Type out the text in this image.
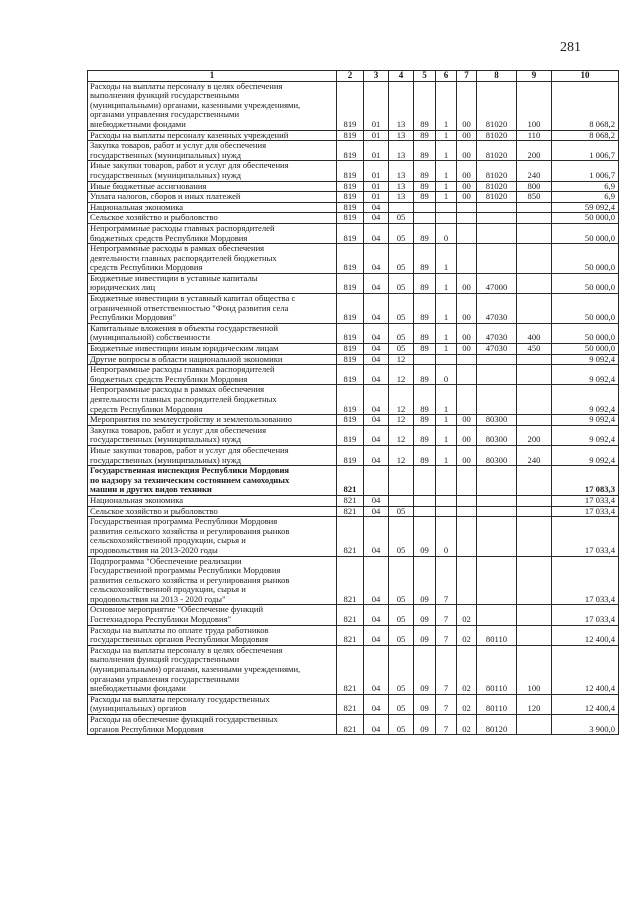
281
1	2	3	4	5	6	7	8	9	10

Расходы на выплаты персоналу в целях обеспечения
выполнения функций государственными
(муниципальными) органами, казенными учреждениями,
органами управления государственными
внебюджетными фондами	819	01	13	89	1	00	81020	100	8 068,2

Расходы на выплаты персоналу казенных учреждений	819	01	13	89	1	00	81020	110	8 068,2

Закупка товаров, работ и услуг для обеспечения
государственных (муниципальных) нужд	819	01	13	89	1	00	81020	200	1 006,7

Иные закупки товаров, работ и услуг для обеспечения
государственных (муниципальных) нужд	819	01	13	89	1	00	81020	240	1 006,7

Иные бюджетные ассигнования	819	01	13	89	1	00	81020	800	6,9

Уплата налогов, сборов и иных платежей	819	01	13	89	1	00	81020	850	6,9

Национальная экономика	819	04							59 092,4

Сельское хозяйство и рыболовство	819	04	05						50 000,0

Непрограммные расходы главных распорядителей
бюджетных средств Республики Мордовия	819	04	05	89	0				50 000,0

Непрограммные расходы в рамках обеспечения
деятельности главных распорядителей бюджетных
средств Республики Мордовия	819	04	05	89	1				50 000,0

Бюджетные инвестиции в уставные капиталы
юридических лиц	819	04	05	89	1	00	47000		50 000,0

Бюджетные инвестиции в уставный капитал общества с
ограниченной ответственностью "Фонд развития села
Республики Мордовия"	819	04	05	89	1	00	47030		50 000,0

Капитальные вложения в объекты государственной
(муниципальной) собственности	819	04	05	89	1	00	47030	400	50 000,0

Бюджетные инвестиции иным юридическим лицам	819	04	05	89	1	00	47030	450	50 000,0

Другие вопросы в области национальной экономики	819	04	12						9 092,4

Непрограммные расходы главных распорядителей
бюджетных средств Республики Мордовия	819	04	12	89	0				9 092,4

Непрограммные расходы в рамках обеспечения
деятельности главных распорядителей бюджетных
средств Республики Мордовия	819	04	12	89	1				9 092,4

Мероприятия по землеустройству и землепользованию	819	04	12	89	1	00	80300		9 092,4

Закупка товаров, работ и услуг для обеспечения
государственных (муниципальных) нужд	819	04	12	89	1	00	80300	200	9 092,4

Иные закупки товаров, работ и услуг для обеспечения
государственных (муниципальных) нужд	819	04	12	89	1	00	80300	240	9 092,4

Государственная инспекция Республики Мордовия
по надзору за техническим состоянием самоходных
машин и других видов техники	821								17 083,3

Национальная экономика	821	04							17 033,4

Сельское хозяйство и рыболовство	821	04	05						17 033,4

Государственная программа Республики Мордовия
развития сельского хозяйства и регулирования рынков
сельскохозяйственной продукции, сырья и
продовольствия на 2013-2020 годы	821	04	05	09	0				17 033,4

Подпрограмма "Обеспечение реализации
Государственной программы Республики Мордовия
развития сельского хозяйства и регулирования рынков
сельскохозяйственной продукции, сырья и
продовольствия на 2013 - 2020 годы"	821	04	05	09	7				17 033,4

Основное мероприятие "Обеспечение функций
Гостехнадзора Республики Мордовия"	821	04	05	09	7	02			17 033,4

Расходы на выплаты по оплате труда работников
государственных органов Республики Мордовия	821	04	05	09	7	02	80110		12 400,4

Расходы на выплаты персоналу в целях обеспечения
выполнения функций государственными
(муниципальными) органами, казенными учреждениями,
органами управления государственными
внебюджетными фондами	821	04	05	09	7	02	80110	100	12 400,4

Расходы на выплаты персоналу государственных
(муниципальных) органов	821	04	05	09	7	02	80110	120	12 400,4

Расходы на обеспечение функций государственных
органов Республики Мордовия	821	04	05	09	7	02	80120		3 900,0
